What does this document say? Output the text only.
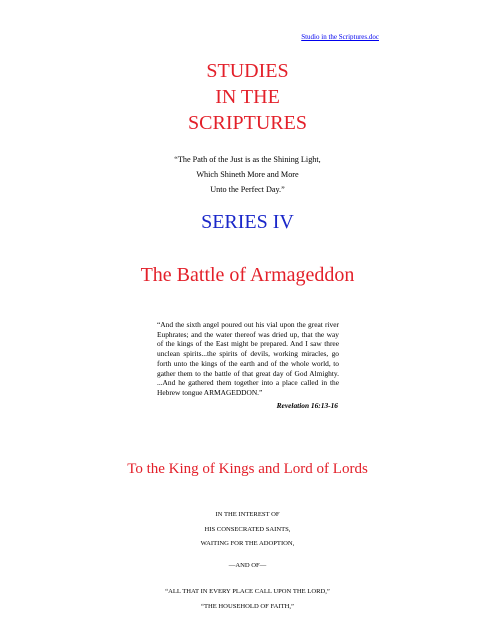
Studio in the Scriptures.doc
STUDIES
IN THE
SCRIPTURES
“The Path of the Just is as the Shining Light,
Which Shineth More and More
Unto the Perfect Day.”
SERIES IV
The Battle of Armageddon
“And the sixth angel poured out his vial upon the great river Euphrates; and the water thereof was dried up, that the way of the kings of the East might be prepared. And I saw three unclean spirits...the spirits of devils, working miracles, go forth unto the kings of the earth and of the whole world, to gather them to the battle of that great day of God Almighty. ...And he gathered them together into a place called in the Hebrew tongue ARMAGEDDON.”
Revelation 16:13-16
To the King of Kings and Lord of Lords
IN THE INTEREST OF
HIS CONSECRATED SAINTS,
WAITING FOR THE ADOPTION,
—AND OF—
“ALL THAT IN EVERY PLACE CALL UPON THE LORD,”
“THE HOUSEHOLD OF FAITH,”
